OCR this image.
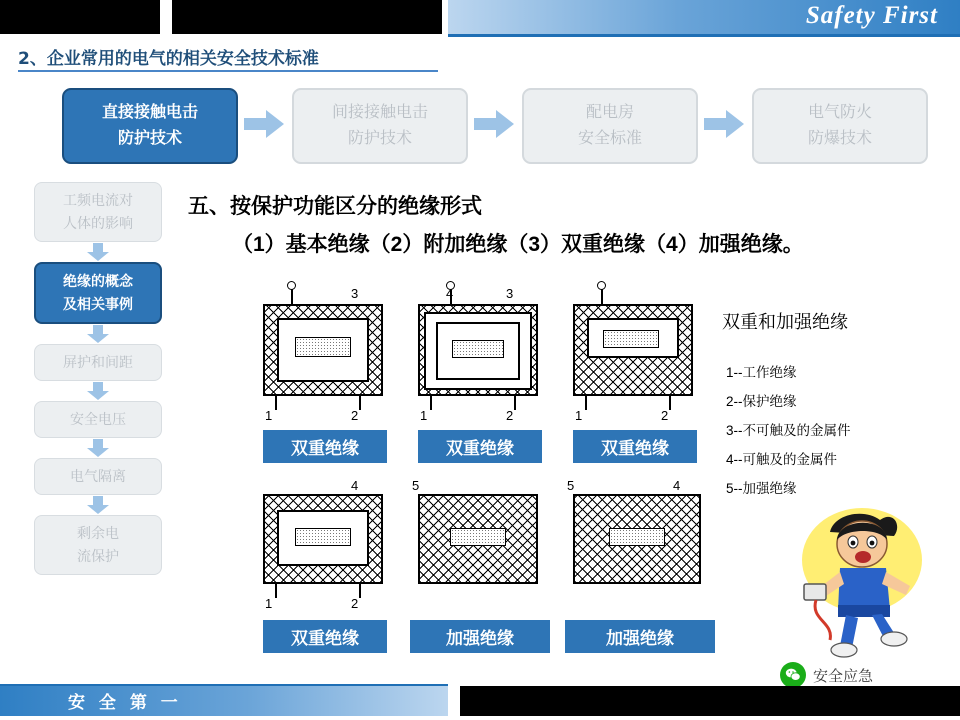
Safety First
2、企业常用的电气的相关安全技术标准
直接接触电击
防护技术
间接接触电击
防护技术
配电房
安全标准
电气防火
防爆技术
工频电流对
人体的影响
绝缘的概念
及相关事例
屏护和间距
安全电压
电气隔离
剩余电
流保护
五、按保护功能区分的绝缘形式
（1）基本绝缘（2）附加绝缘（3）双重绝缘（4）加强绝缘。
3
1	2
双重绝缘
4	3
1	2
双重绝缘
1	2
双重绝缘
4
1	2
双重绝缘
5
加强绝缘
5	4
加强绝缘
双重和加强绝缘
1--工作绝缘
2--保护绝缘
3--不可触及的金属件
4--可触及的金属件
5--加强绝缘
安全应急
安 全 第 一
